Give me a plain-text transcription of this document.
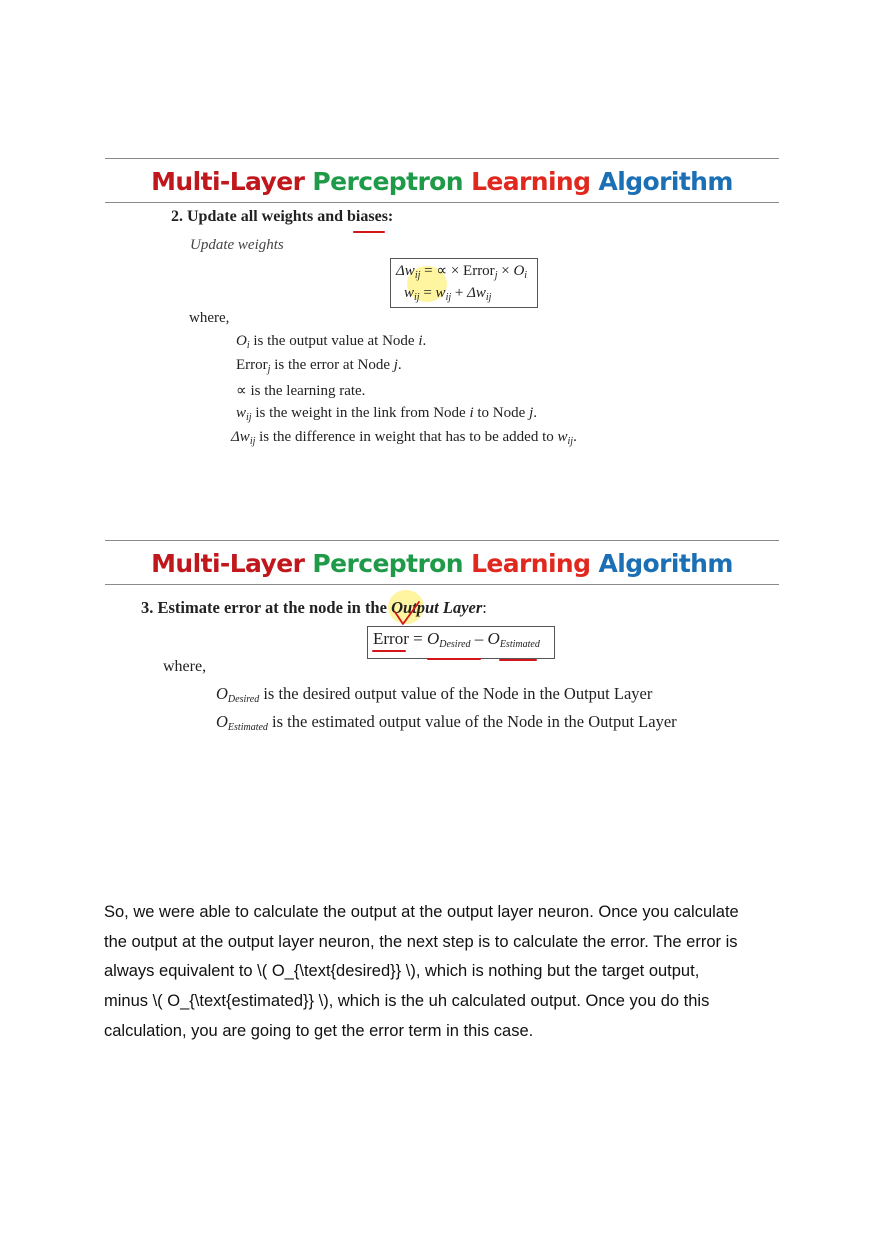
Multi-Layer Perceptron Learning Algorithm
2. Update all weights and biases:
Update weights
$\Delta w_{ij}$ = ∝ × Error$_j$ × $O_i$
$w_{ij} = w_{ij} + \Delta w_{ij}$
where,
$O_i$ is the output value at Node i.
Error$_j$ is the error at Node j.
∝ is the learning rate.
$w_{ij}$ is the weight in the link from Node i to Node j.
$\Delta w_{ij}$ is the difference in weight that has to be added to $w_{ij}$.
Multi-Layer Perceptron Learning Algorithm
3. Estimate error at the node in the Output Layer:
Error = $O_{Desired} - O_{Estimated}$
where,
$O_{Desired}$ is the desired output value of the Node in the Output Layer
$O_{Estimated}$ is the estimated output value of the Node in the Output Layer
So, we were able to calculate the output at the output layer neuron. Once you calculate
the output at the output layer neuron, the next step is to calculate the error. The error is
always equivalent to \( O_{\text{desired}} \), which is nothing but the target output,
minus \( O_{\text{estimated}} \), which is the uh calculated output. Once you do this
calculation, you are going to get the error term in this case.
